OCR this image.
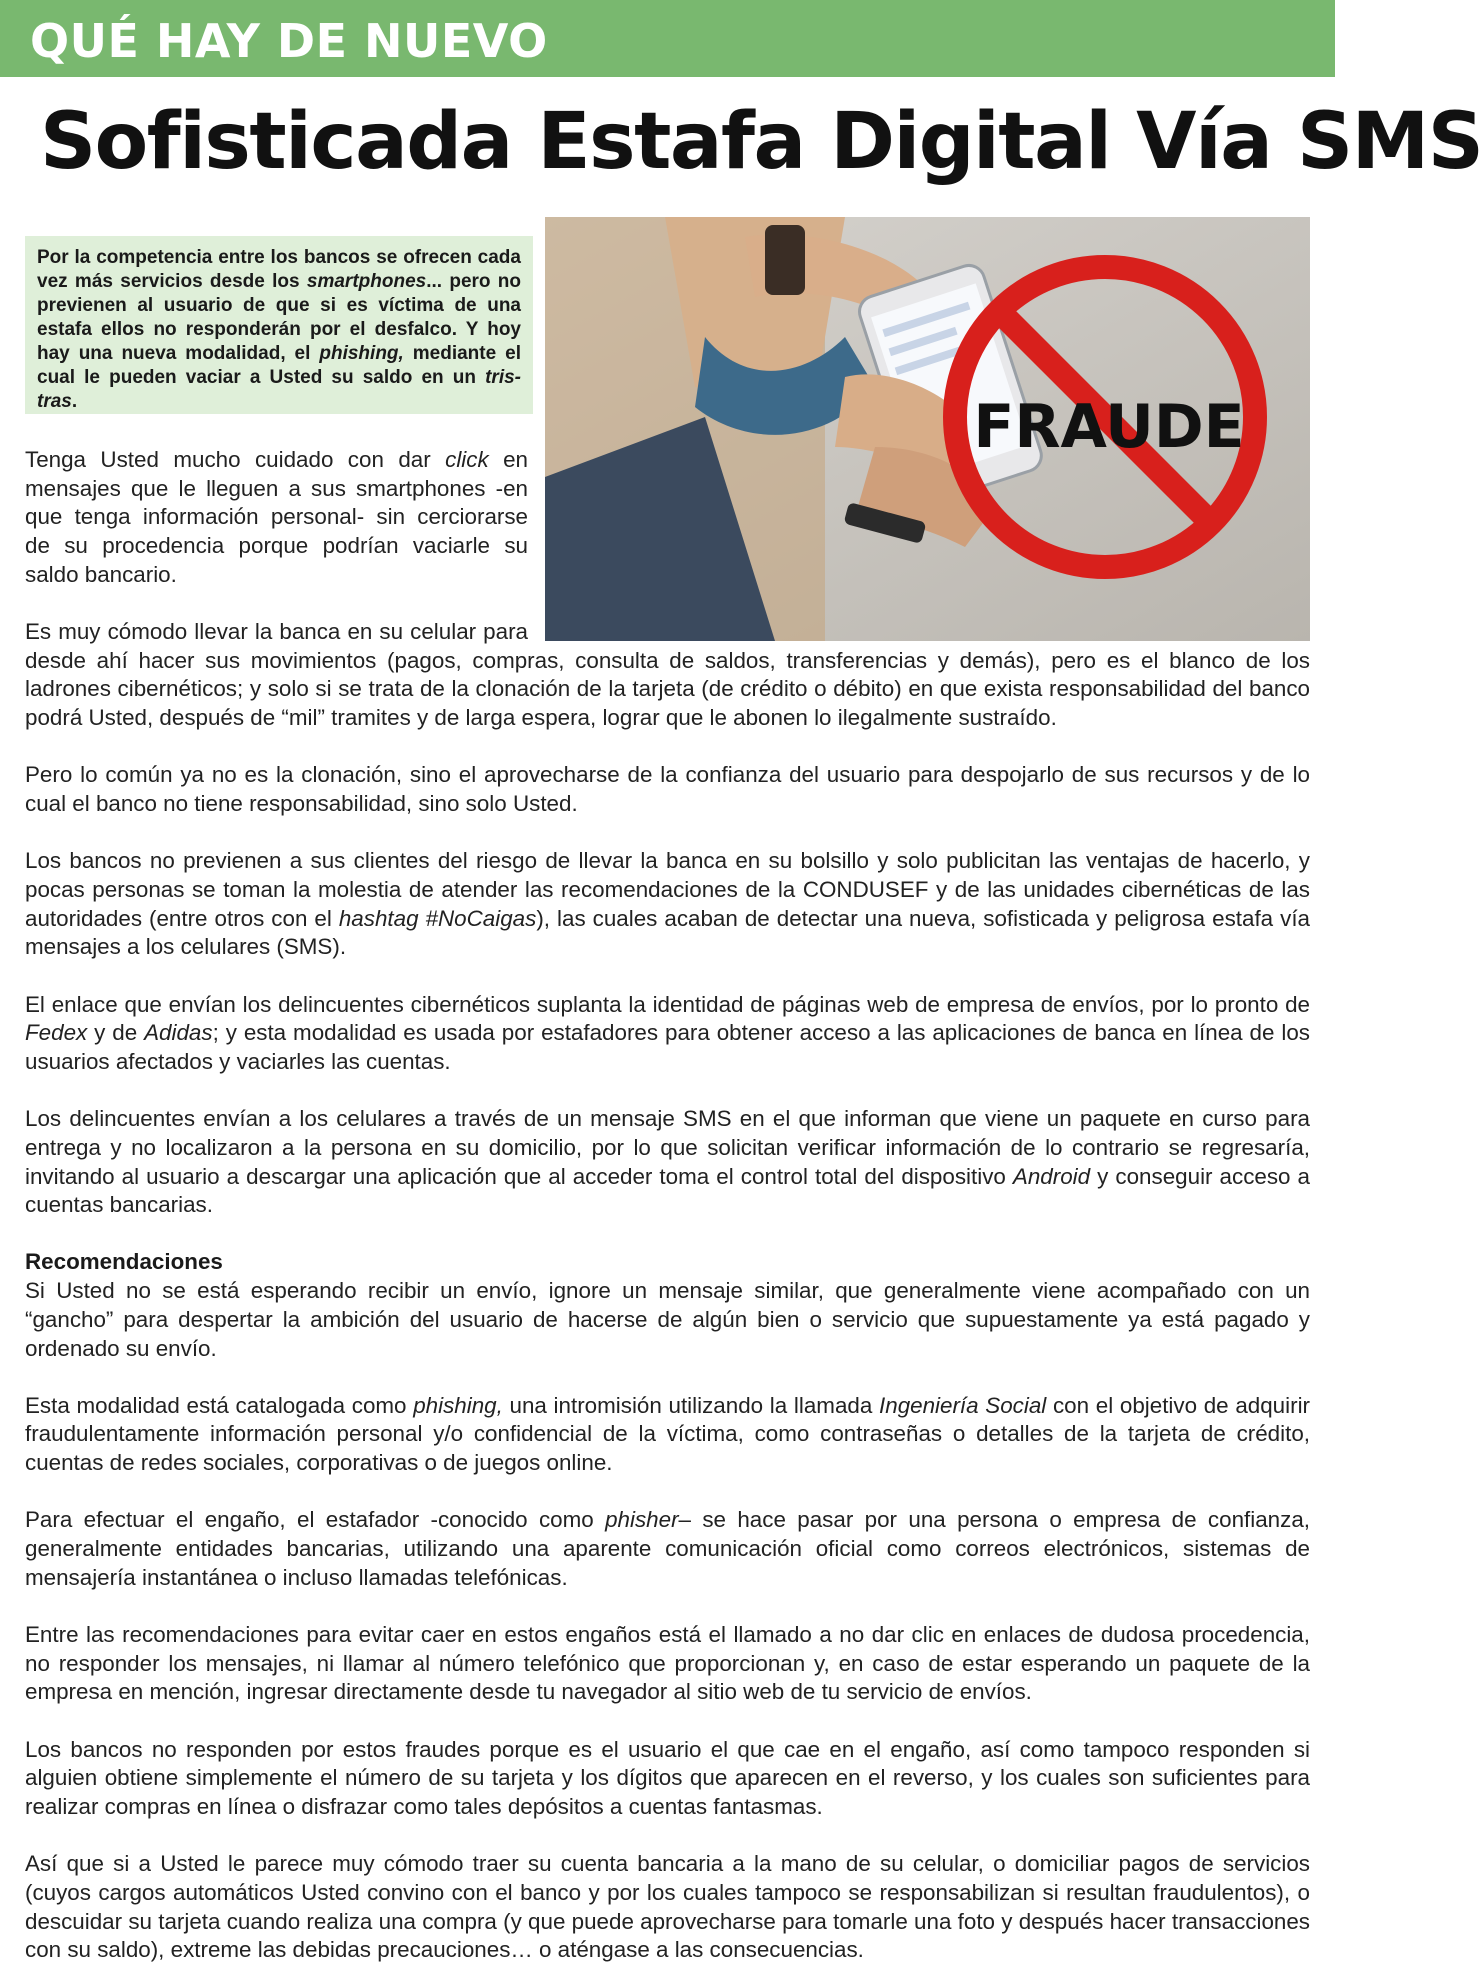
QUÉ HAY DE NUEVO
Sofisticada Estafa Digital Vía SMS

Por la competencia entre los bancos se ofrecen cada vez más servicios desde los smartphones... pero no previenen al usuario de que si es víctima de una estafa ellos no responderán por el desfalco. Y hoy hay una nueva modalidad, el phishing, mediante el cual le pueden vaciar a Usted su saldo en un tris-tras.	FRAUDE

Tenga Usted mucho cuidado con dar click en mensajes que le lleguen a sus smartphones -en que tenga información personal- sin cerciorarse de su procedencia porque podrían vaciarle su saldo bancario.

Es muy cómodo llevar la banca en su celular para desde ahí hacer sus movimientos (pagos, compras, consulta de saldos, transferencias y demás), pero es el blanco de los ladrones cibernéticos; y solo si se trata de la clonación de la tarjeta (de crédito o débito) en que exista responsabilidad del banco podrá Usted, después de “mil” tramites y de larga espera, lograr que le abonen lo ilegalmente sustraído.

Pero lo común ya no es la clonación, sino el aprovecharse de la confianza del usuario para despojarlo de sus recursos y de lo cual el banco no tiene responsabilidad, sino solo Usted.

Los bancos no previenen a sus clientes del riesgo de llevar la banca en su bolsillo y solo publicitan las ventajas de hacerlo, y pocas personas se toman la molestia de atender las recomendaciones de la CONDUSEF y de las unidades cibernéticas de las autoridades (entre otros con el hashtag #NoCaigas), las cuales acaban de detectar una nueva, sofisticada y peligrosa estafa vía mensajes a los celulares (SMS).

El enlace que envían los delincuentes cibernéticos suplanta la identidad de páginas web de empresa de envíos, por lo pronto de Fedex y de Adidas; y esta modalidad es usada por estafadores para obtener acceso a las aplicaciones de banca en línea de los usuarios afectados y vaciarles las cuentas.

Los delincuentes envían a los celulares a través de un mensaje SMS en el que informan que viene un paquete en curso para entrega y no localizaron a la persona en su domicilio, por lo que solicitan verificar información de lo contrario se regresaría, invitando al usuario a descargar una aplicación que al acceder toma el control total del dispositivo Android y conseguir acceso a cuentas bancarias.

Recomendaciones
Si Usted no se está esperando recibir un envío, ignore un mensaje similar, que generalmente viene acompañado con un “gancho” para despertar la ambición del usuario de hacerse de algún bien o servicio que supuestamente ya está pagado y ordenado su envío.

Esta modalidad está catalogada como phishing, una intromisión utilizando la llamada Ingeniería Social con el objetivo de adquirir fraudulentamente información personal y/o confidencial de la víctima, como contraseñas o detalles de la tarjeta de crédito, cuentas de redes sociales, corporativas o de juegos online.

Para efectuar el engaño, el estafador -conocido como phisher– se hace pasar por una persona o empresa de confianza, generalmente entidades bancarias, utilizando una aparente comunicación oficial como correos electrónicos, sistemas de mensajería instantánea o incluso llamadas telefónicas.

Entre las recomendaciones para evitar caer en estos engaños está el llamado a no dar clic en enlaces de dudosa procedencia, no responder los mensajes, ni llamar al número telefónico que proporcionan y, en caso de estar esperando un paquete de la empresa en mención, ingresar directamente desde tu navegador al sitio web de tu servicio de envíos.

Los bancos no responden por estos fraudes porque es el usuario el que cae en el engaño, así como tampoco responden si alguien obtiene simplemente el número de su tarjeta y los dígitos que aparecen en el reverso, y los cuales son suficientes para realizar compras en línea o disfrazar como tales depósitos a cuentas fantasmas.

Así que si a Usted le parece muy cómodo traer su cuenta bancaria a la mano de su celular, o domiciliar pagos de servicios (cuyos cargos automáticos Usted convino con el banco y por los cuales tampoco se responsabilizan si resultan fraudulentos), o descuidar su tarjeta cuando realiza una compra (y que puede aprovecharse para tomarle una foto y después hacer transacciones con su saldo), extreme las debidas precauciones… o aténgase a las consecuencias.
